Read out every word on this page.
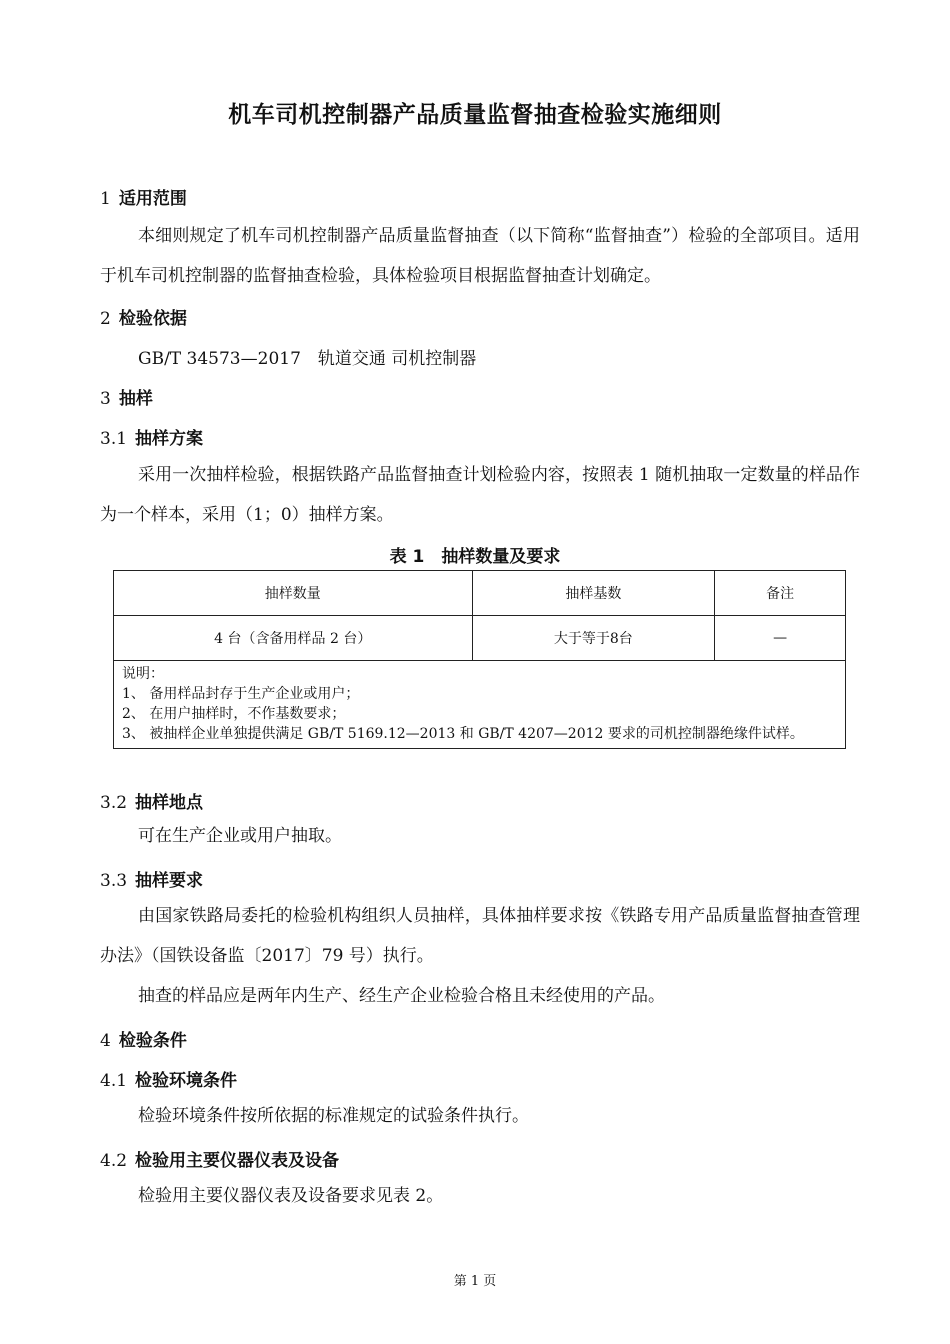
机车司机控制器产品质量监督抽查检验实施细则
1 适用范围

本细则规定了机车司机控制器产品质量监督抽查（以下简称“监督抽查”）检验的全部项目。适用于机车司机控制器的监督抽查检验，具体检验项目根据监督抽查计划确定。

2 检验依据
GB/T 34573—2017　轨道交通 司机控制器
3 抽样
3.1 抽样方案

采用一次抽样检验，根据铁路产品监督抽查计划检验内容，按照表 1 随机抽取一定数量的样品作为一个样本，采用（1；0）抽样方案。

表 1　抽样数量及要求
抽样数量	抽样基数	备注
4 台（含备用样品 2 台）	大于等于8台	—

说明：
1、 备用样品封存于生产企业或用户；
2、 在用户抽样时，不作基数要求；
3、 被抽样企业单独提供满足 GB/T 5169.12—2013 和 GB/T 4207—2012 要求的司机控制器绝缘件试样。		
3.2 抽样地点

可在生产企业或用户抽取。

3.3 抽样要求

由国家铁路局委托的检验机构组织人员抽样，具体抽样要求按《铁路专用产品质量监督抽查管理办法》（国铁设备监〔2017〕79 号）执行。

抽查的样品应是两年内生产、经生产企业检验合格且未经使用的产品。

4 检验条件
4.1 检验环境条件

检验环境条件按所依据的标准规定的试验条件执行。

4.2 检验用主要仪器仪表及设备

检验用主要仪器仪表及设备要求见表 2。

第 1 页
